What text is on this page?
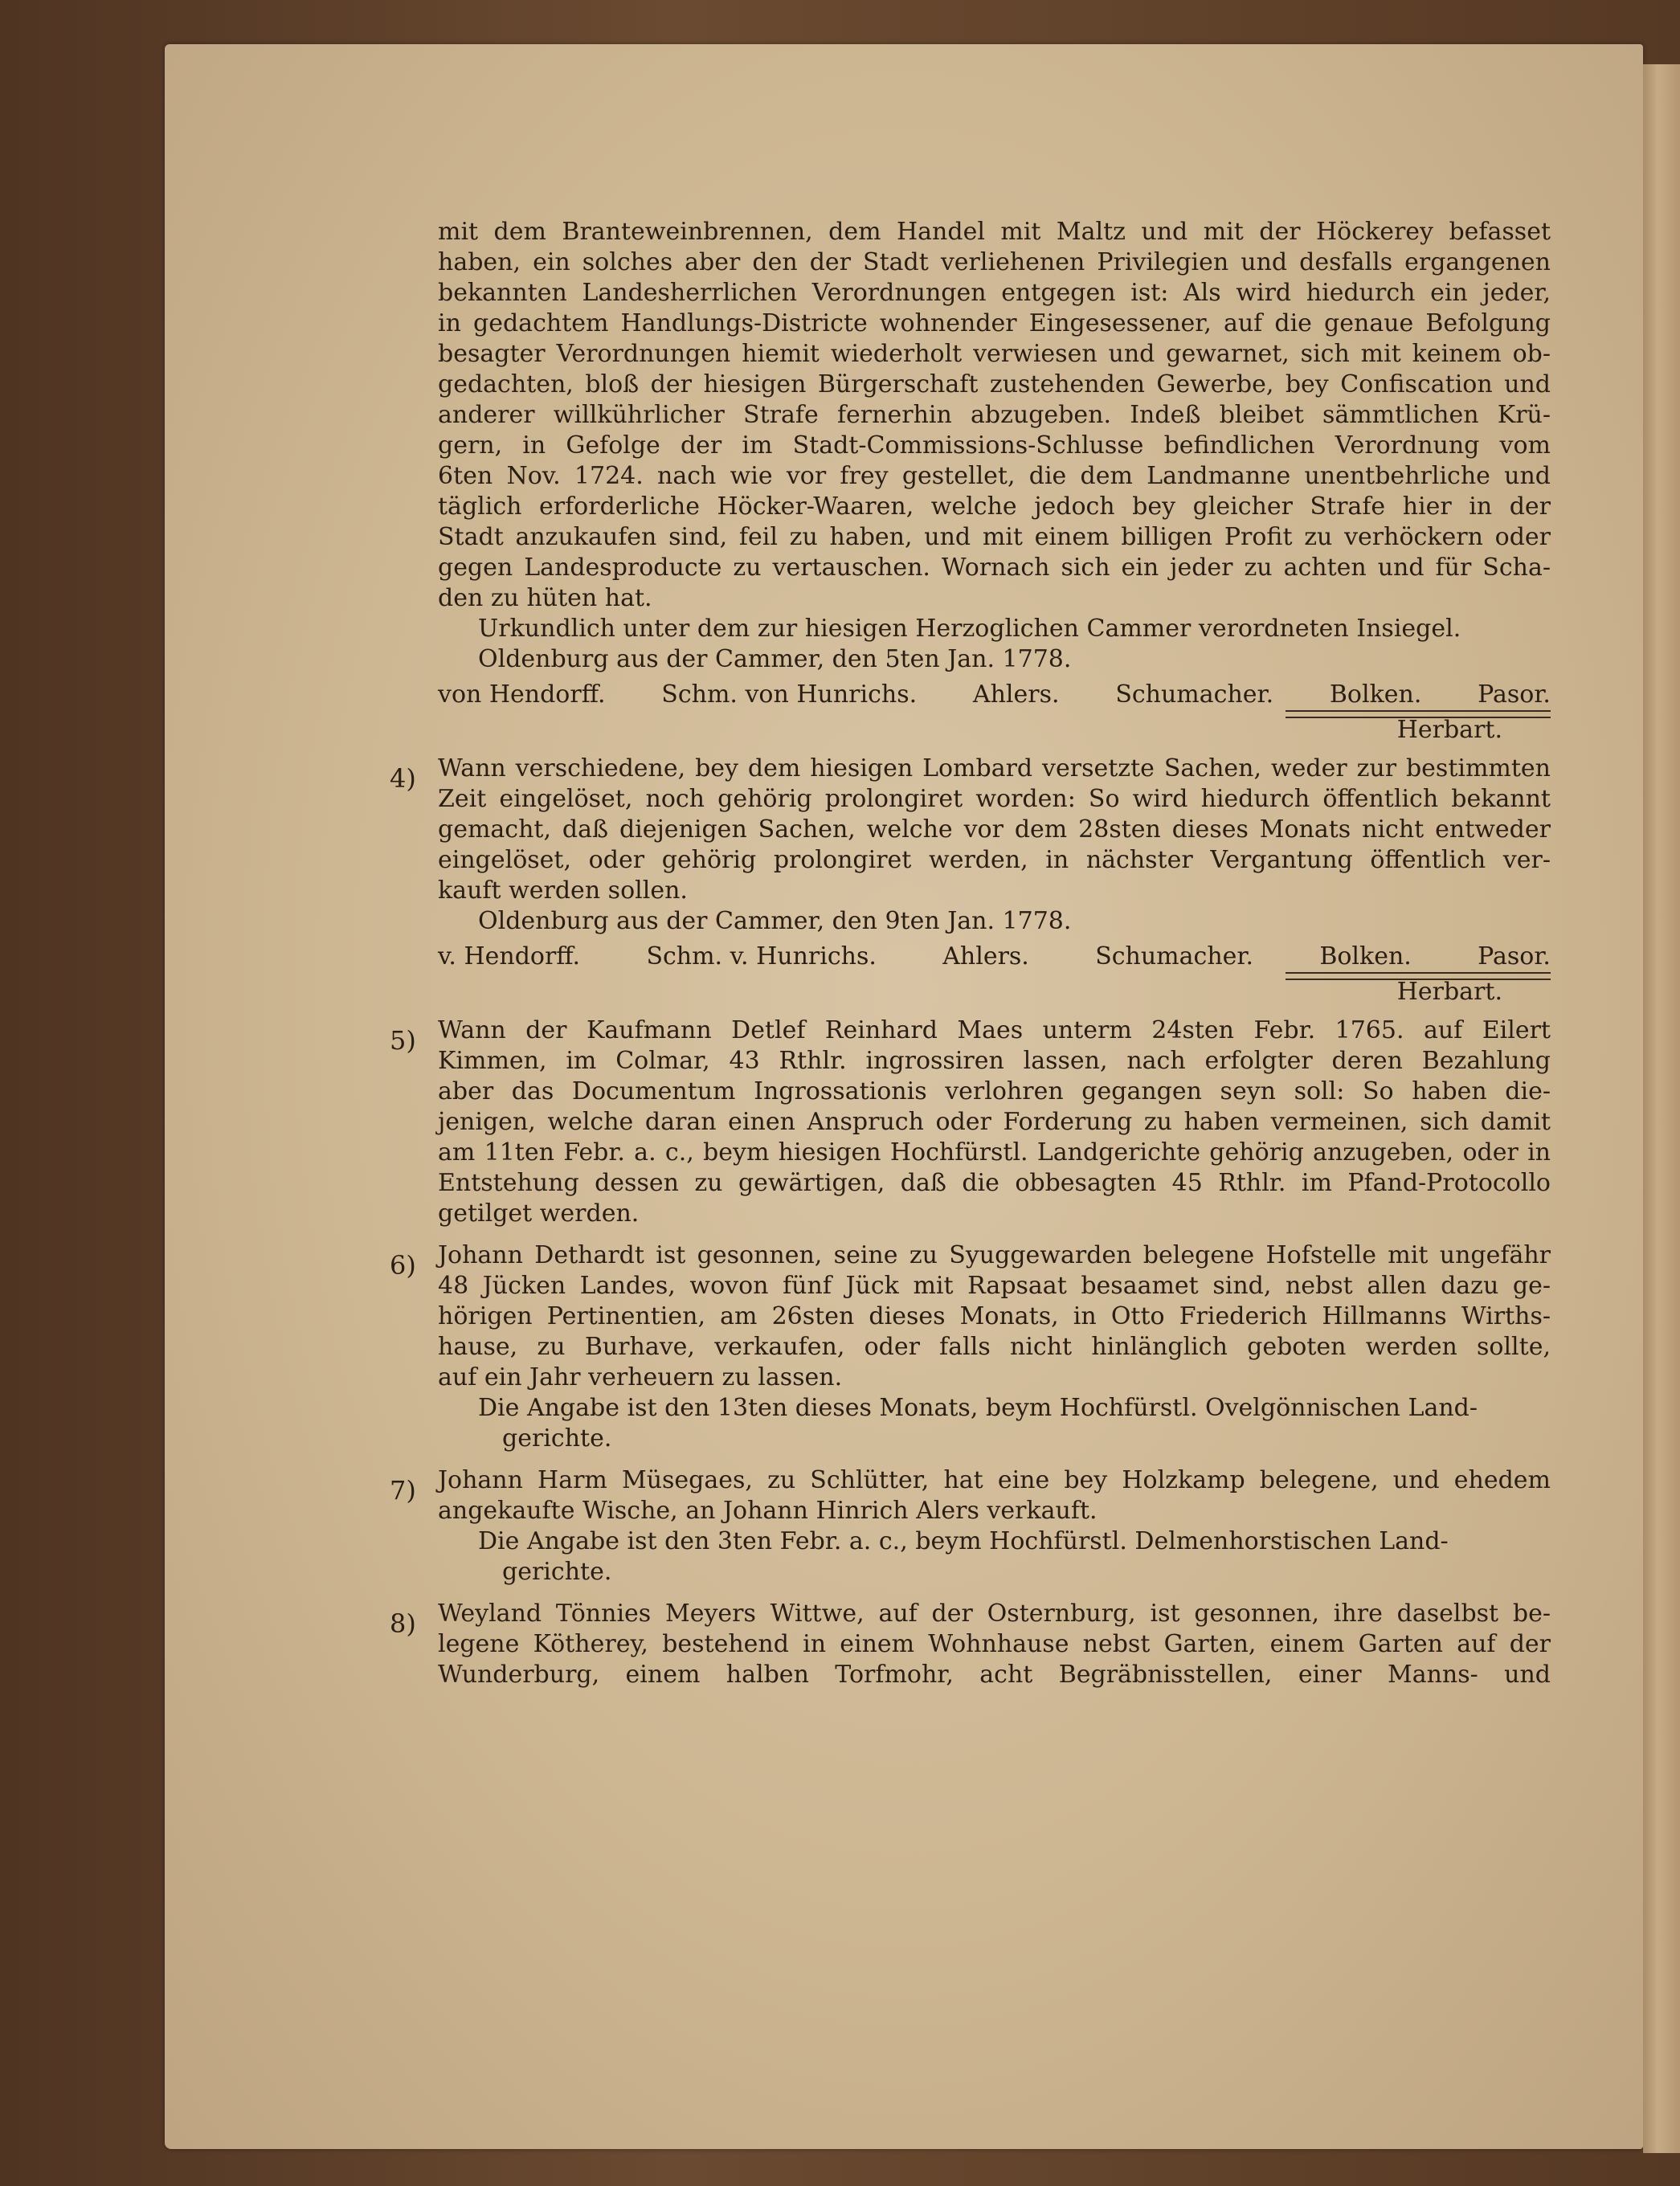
mit dem Branteweinbrennen, dem Handel mit Maltz und mit der Höckerey befasset
haben, ein solches aber den der Stadt verliehenen Privilegien und desfalls ergangenen
bekannten Landesherrlichen Verordnungen entgegen ist: Als wird hiedurch ein jeder,
in gedachtem Handlungs-Districte wohnender Eingesessener, auf die genaue Befolgung
besagter Verordnungen hiemit wiederholt verwiesen und gewarnet, sich mit keinem ob-
gedachten, bloß der hiesigen Bürgerschaft zustehenden Gewerbe, bey Confiscation und
anderer willkührlicher Strafe fernerhin abzugeben. Indeß bleibet sämmtlichen Krü-
gern, in Gefolge der im Stadt-Commissions-Schlusse befindlichen Verordnung vom
6ten Nov. 1724. nach wie vor frey gestellet, die dem Landmanne unentbehrliche und
täglich erforderliche Höcker-Waaren, welche jedoch bey gleicher Strafe hier in der
Stadt anzukaufen sind, feil zu haben, und mit einem billigen Profit zu verhöckern oder
gegen Landesproducte zu vertauschen. Wornach sich ein jeder zu achten und für Scha-
den zu hüten hat.
Urkundlich unter dem zur hiesigen Herzoglichen Cammer verordneten Insiegel.
Oldenburg aus der Cammer, den 5ten Jan. 1778.
von Hendorff. Schm. von Hunrichs. Ahlers. Schumacher. Bolken. Pasor.
Herbart.
4) Wann verschiedene, bey dem hiesigen Lombard versetzte Sachen, weder zur bestimmten
Zeit eingelöset, noch gehörig prolongiret worden: So wird hiedurch öffentlich bekannt
gemacht, daß diejenigen Sachen, welche vor dem 28sten dieses Monats nicht entweder
eingelöset, oder gehörig prolongiret werden, in nächster Vergantung öffentlich ver-
kauft werden sollen.
Oldenburg aus der Cammer, den 9ten Jan. 1778.
v. Hendorff.	Schm. v. Hunrichs.	Ahlers.	Schumacher.	Bolken.	Pasor.
Herbart.
5) Wann der Kaufmann Detlef Reinhard Maes unterm 24sten Febr. 1765. auf Eilert
Kimmen, im Colmar, 43 Rthlr. ingrossiren lassen, nach erfolgter deren Bezahlung
aber das Documentum Ingrossationis verlohren gegangen seyn soll: So haben die-
jenigen, welche daran einen Anspruch oder Forderung zu haben vermeinen, sich damit
am 11ten Febr. a. c., beym hiesigen Hochfürstl. Landgerichte gehörig anzugeben, oder in
Entstehung dessen zu gewärtigen, daß die obbesagten 45 Rthlr. im Pfand-Protocollo
getilget werden.
6) Johann Dethardt ist gesonnen, seine zu Syuggewarden belegene Hofstelle mit ungefähr
48 Jücken Landes, wovon fünf Jück mit Rapsaat besaamet sind, nebst allen dazu ge-
hörigen Pertinentien, am 26sten dieses Monats, in Otto Friederich Hillmanns Wirths-
hause, zu Burhave, verkaufen, oder falls nicht hinlänglich geboten werden sollte,
auf ein Jahr verheuern zu lassen.
Die Angabe ist den 13ten dieses Monats, beym Hochfürstl. Ovelgönnischen Land-
gerichte.
7) Johann Harm Müsegaes, zu Schlütter, hat eine bey Holzkamp belegene, und ehedem
angekaufte Wische, an Johann Hinrich Alers verkauft.
Die Angabe ist den 3ten Febr. a. c., beym Hochfürstl. Delmenhorstischen Land-
gerichte.
8) Weyland Tönnies Meyers Wittwe, auf der Osternburg, ist gesonnen, ihre daselbst be-
legene Kötherey, bestehend in einem Wohnhause nebst Garten, einem Garten auf der
Wunderburg, einem halben Torfmohr, acht Begräbnisstellen, einer Manns- und
